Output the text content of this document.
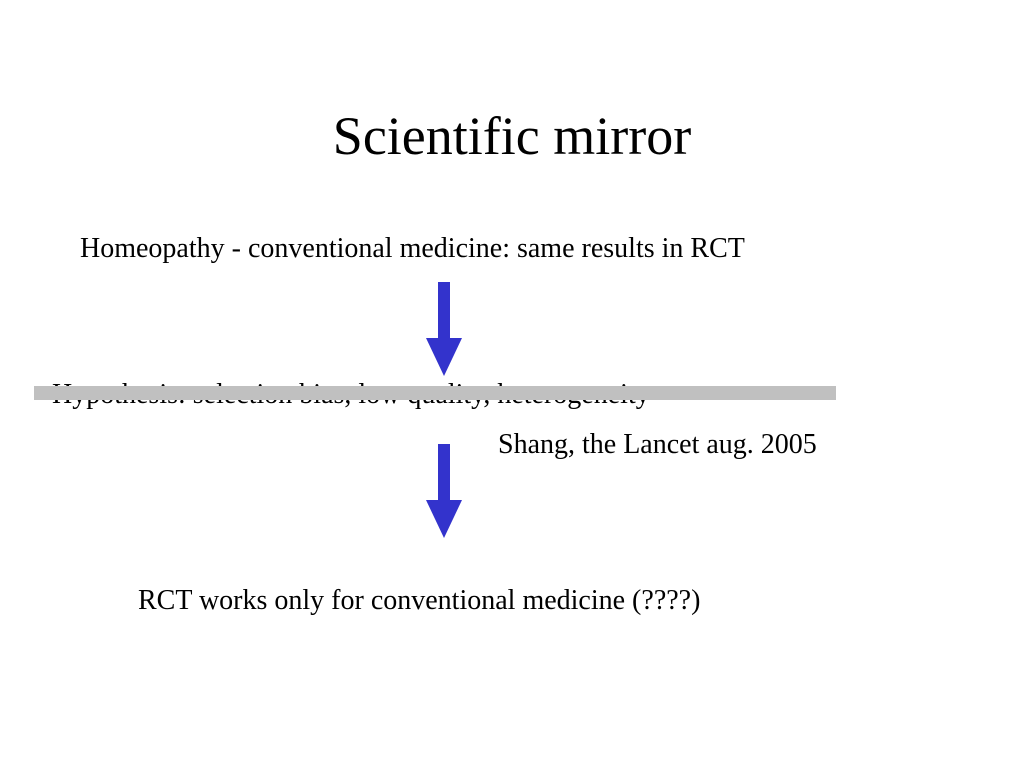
Scientific mirror
Homeopathy - conventional medicine: same results in RCT
Shang, the Lancet aug. 2005
RCT works only for conventional medicine (????)
